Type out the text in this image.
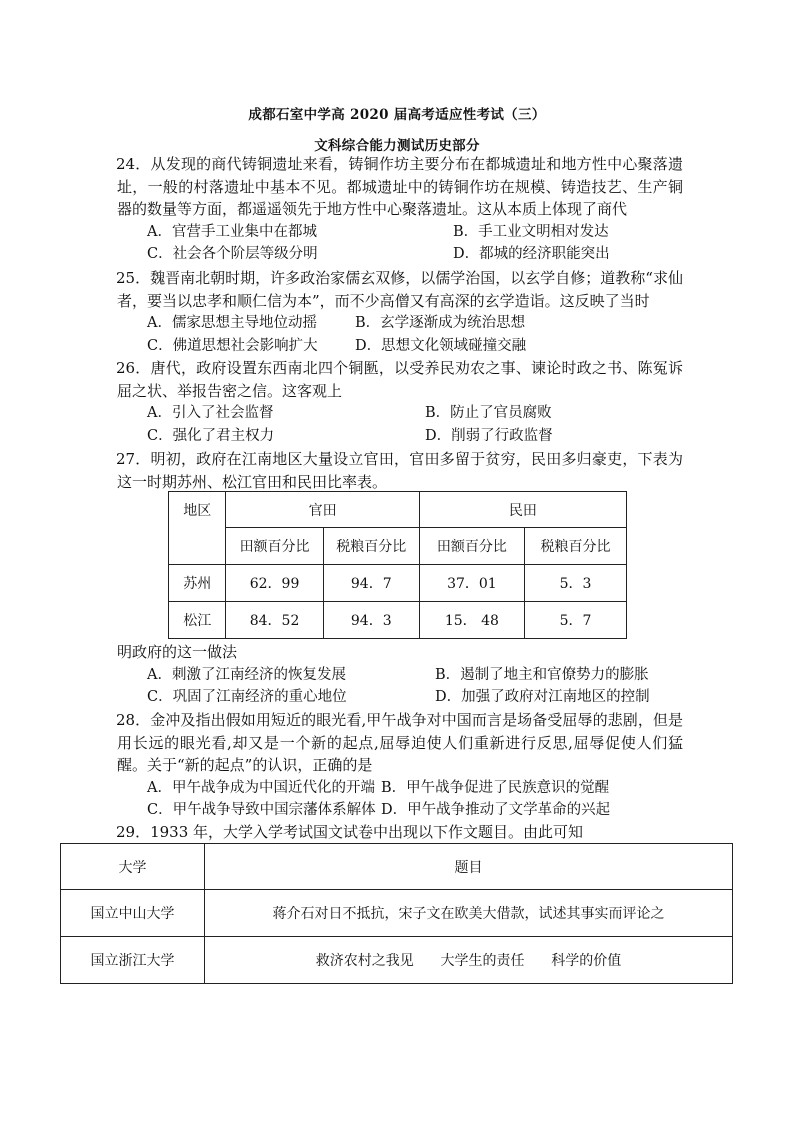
成都石室中学高 2020 届高考适应性考试（三）
文科综合能力测试历史部分
24．从发现的商代铸铜遗址来看，铸铜作坊主要分布在都城遗址和地方性中心聚落遗址，一般的村落遗址中基本不见。都城遗址中的铸铜作坊在规模、铸造技艺、生产铜器的数量等方面，都遥遥领先于地方性中心聚落遗址。这从本质上体现了商代
A．官营手工业集中在都城	B．手工业文明相对发达
C．社会各个阶层等级分明	D．都城的经济职能突出
25．魏晋南北朝时期，许多政治家儒玄双修，以儒学治国，以玄学自修；道教称“求仙者，要当以忠孝和顺仁信为本”，而不少高僧又有高深的玄学造诣。这反映了当时
A．儒家思想主导地位动摇	B．玄学逐渐成为统治思想
C．佛道思想社会影响扩大	D．思想文化领域碰撞交融
26．唐代，政府设置东西南北四个铜匦，以受养民劝农之事、谏论时政之书、陈冤诉屈之状、举报告密之信。这客观上
A．引入了社会监督	B．防止了官员腐败
C．强化了君主权力	D．削弱了行政监督
27．明初，政府在江南地区大量设立官田，官田多留于贫穷，民田多归豪吏，下表为这一时期苏州、松江官田和民田比率表。
地区	官田		民田	
	田额百分比	税粮百分比	田额百分比	税粮百分比
苏州	62．99	94．7	37．01	5．3
松江	84．52	94．3	15． 48	5．7
明政府的这一做法
A．刺激了江南经济的恢复发展	B．遏制了地主和官僚势力的膨胀
C．巩固了江南经济的重心地位	D．加强了政府对江南地区的控制
28．金冲及指出假如用短近的眼光看,甲午战争对中国而言是场备受屈辱的悲剧，但是用长远的眼光看,却又是一个新的起点,屈辱迫使人们重新进行反思,屈辱促使人们猛醒。关于“新的起点”的认识，正确的是
A．甲午战争成为中国近代化的开端 B．甲午战争促进了民族意识的觉醒
C．甲午战争导致中国宗藩体系解体 D．甲午战争推动了文学革命的兴起
29．1933 年，大学入学考试国文试卷中出现以下作文题目。由此可知
大学	题目
国立中山大学	蒋介石对日不抵抗，宋子文在欧美大借款，试述其事实而评论之
国立浙江大学	救济农村之我见      大学生的责任      科学的价值
